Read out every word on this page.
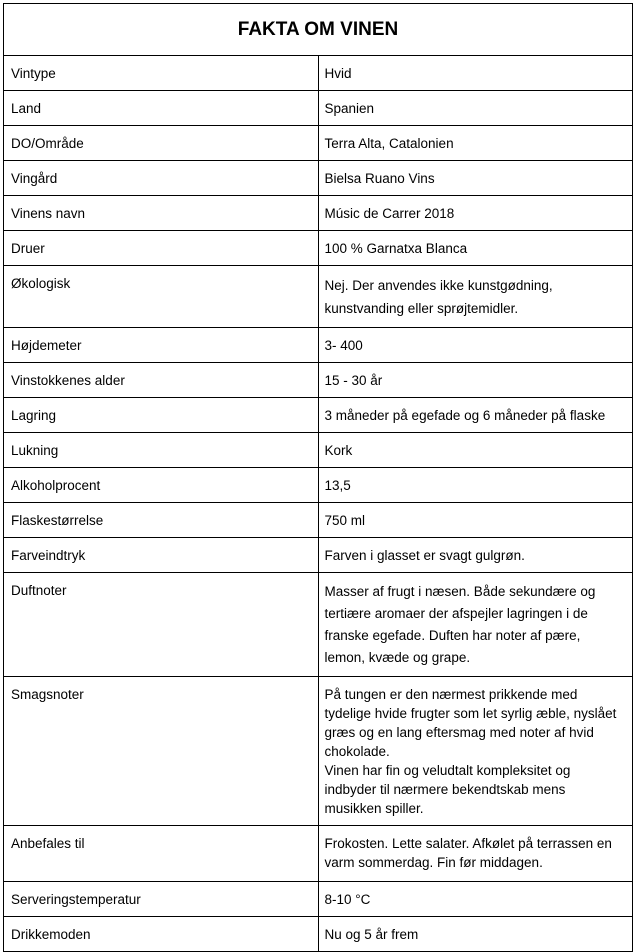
FAKTA OM VINEN	
Vintype	Hvid

Land	Spanien

DO/Område	Terra Alta, Catalonien

Vingård	Bielsa Ruano Vins

Vinens navn	Músic de Carrer 2018

Druer	100 % Garnatxa Blanca

Økologisk	Nej. Der anvendes ikke kunstgødning, kunstvanding eller sprøjtemidler.

Højdemeter	3- 400

Vinstokkenes alder	15 - 30 år

Lagring	3 måneder på egefade og 6 måneder på flaske

Lukning	Kork

Alkoholprocent	13,5

Flaskestørrelse	750 ml

Farveindtryk	Farven i glasset er svagt gulgrøn.

Duftnoter	Masser af frugt i næsen. Både sekundære og tertiære aromaer der afspejler lagringen i de franske egefade. Duften har noter af pære, lemon, kvæde og grape.

Smagsnoter	På tungen er den nærmest prikkende med tydelige hvide frugter som let syrlig æble, nyslået græs og en lang eftersmag med noter af hvid chokolade.
Vinen har fin og veludtalt kompleksitet og indbyder til nærmere bekendtskab mens musikken spiller.

Anbefales til	Frokosten. Lette salater. Afkølet på terrassen en varm sommerdag. Fin før middagen.

Serveringstemperatur	8-10 °C

Drikkemoden	Nu og 5 år frem
